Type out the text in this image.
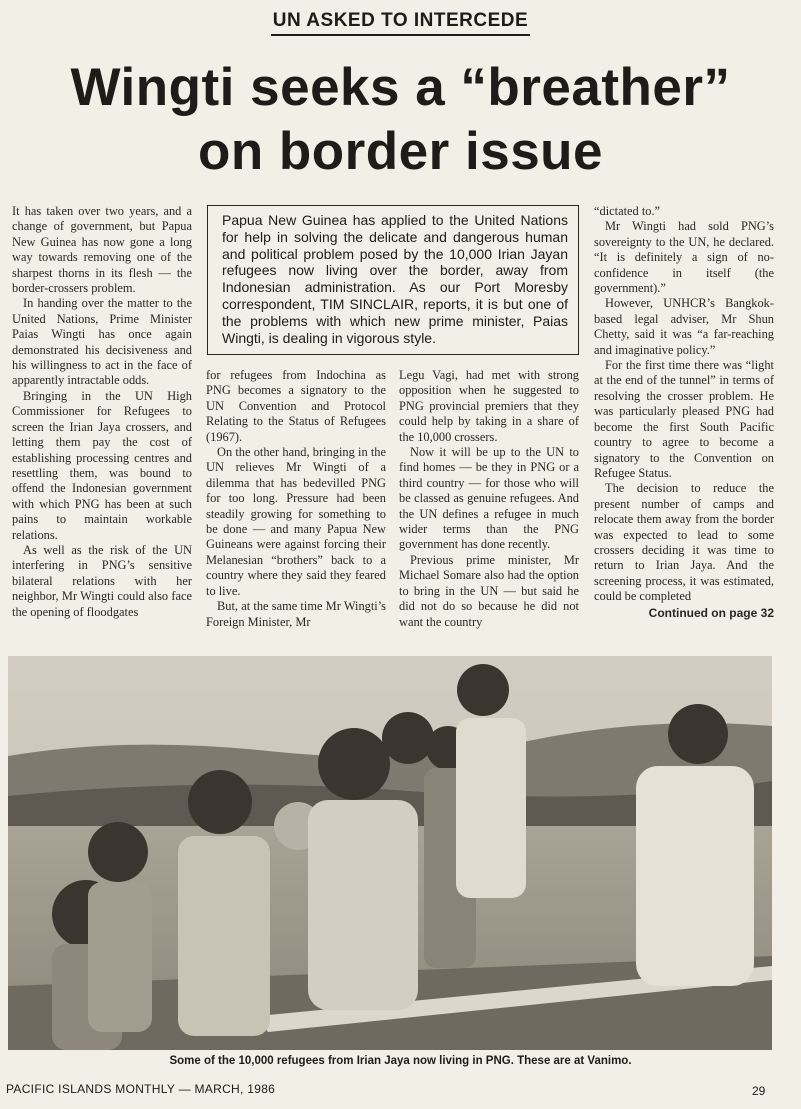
UN ASKED TO INTERCEDE
Wingti seeks a “breather”
on border issue

It has taken over two years, and a change of government, but Papua New Guinea has now gone a long way towards removing one of the sharpest thorns in its flesh — the border-crossers problem.

In handing over the matter to the United Nations, Prime Minister Paias Wingti has once again demonstrated his decisiveness and his willingness to act in the face of apparently intractable odds.

Bringing in the UN High Commissioner for Refugees to screen the Irian Jaya crossers, and letting them pay the cost of establishing processing centres and resettling them, was bound to offend the Indonesian government with which PNG has been at such pains to maintain workable relations.

As well as the risk of the UN interfering in PNG’s sensitive bilateral relations with her neighbor, Mr Wingti could also face the opening of floodgates

Papua New Guinea has applied to the United Nations for help in solving the delicate and dangerous human and political problem posed by the 10,000 Irian Jayan refugees now living over the border, away from Indonesian administration. As our Port Moresby correspondent, TIM SINCLAIR, reports, it is but one of the problems with which new prime minister, Paias Wingti, is dealing in vigorous style.

for refugees from Indochina as PNG becomes a signatory to the UN Convention and Protocol Relating to the Status of Refugees (1967).

On the other hand, bringing in the UN relieves Mr Wingti of a dilemma that has bedevilled PNG for too long. Pressure had been steadily growing for something to be done — and many Papua New Guineans were against forcing their Melanesian “brothers” back to a country where they said they feared to live.

But, at the same time Mr Wingti’s Foreign Minister, Mr

Legu Vagi, had met with strong opposition when he suggested to PNG provincial premiers that they could help by taking in a share of the 10,000 crossers.

Now it will be up to the UN to find homes — be they in PNG or a third country — for those who will be classed as genuine refugees. And the UN defines a refugee in much wider terms than the PNG government has done recently.

Previous prime minister, Mr Michael Somare also had the option to bring in the UN — but said he did not do so because he did not want the country

“dictated to.”

Mr Wingti had sold PNG’s sovereignty to the UN, he declared. “It is definitely a sign of no-confidence in itself (the government).”

However, UNHCR’s Bangkok-based legal adviser, Mr Shun Chetty, said it was “a far-reaching and imaginative policy.”

For the first time there was “light at the end of the tunnel” in terms of resolving the crosser problem. He was particularly pleased PNG had become the first South Pacific country to agree to become a signatory to the Convention on Refugee Status.

The decision to reduce the present number of camps and relocate them away from the border was expected to lead to some crossers deciding it was time to return to Irian Jaya. And the screening process, it was estimated, could be completed

Continued on page 32
Some of the 10,000 refugees from Irian Jaya now living in PNG. These are at Vanimo.
PACIFIC ISLANDS MONTHLY — MARCH, 1986	29
